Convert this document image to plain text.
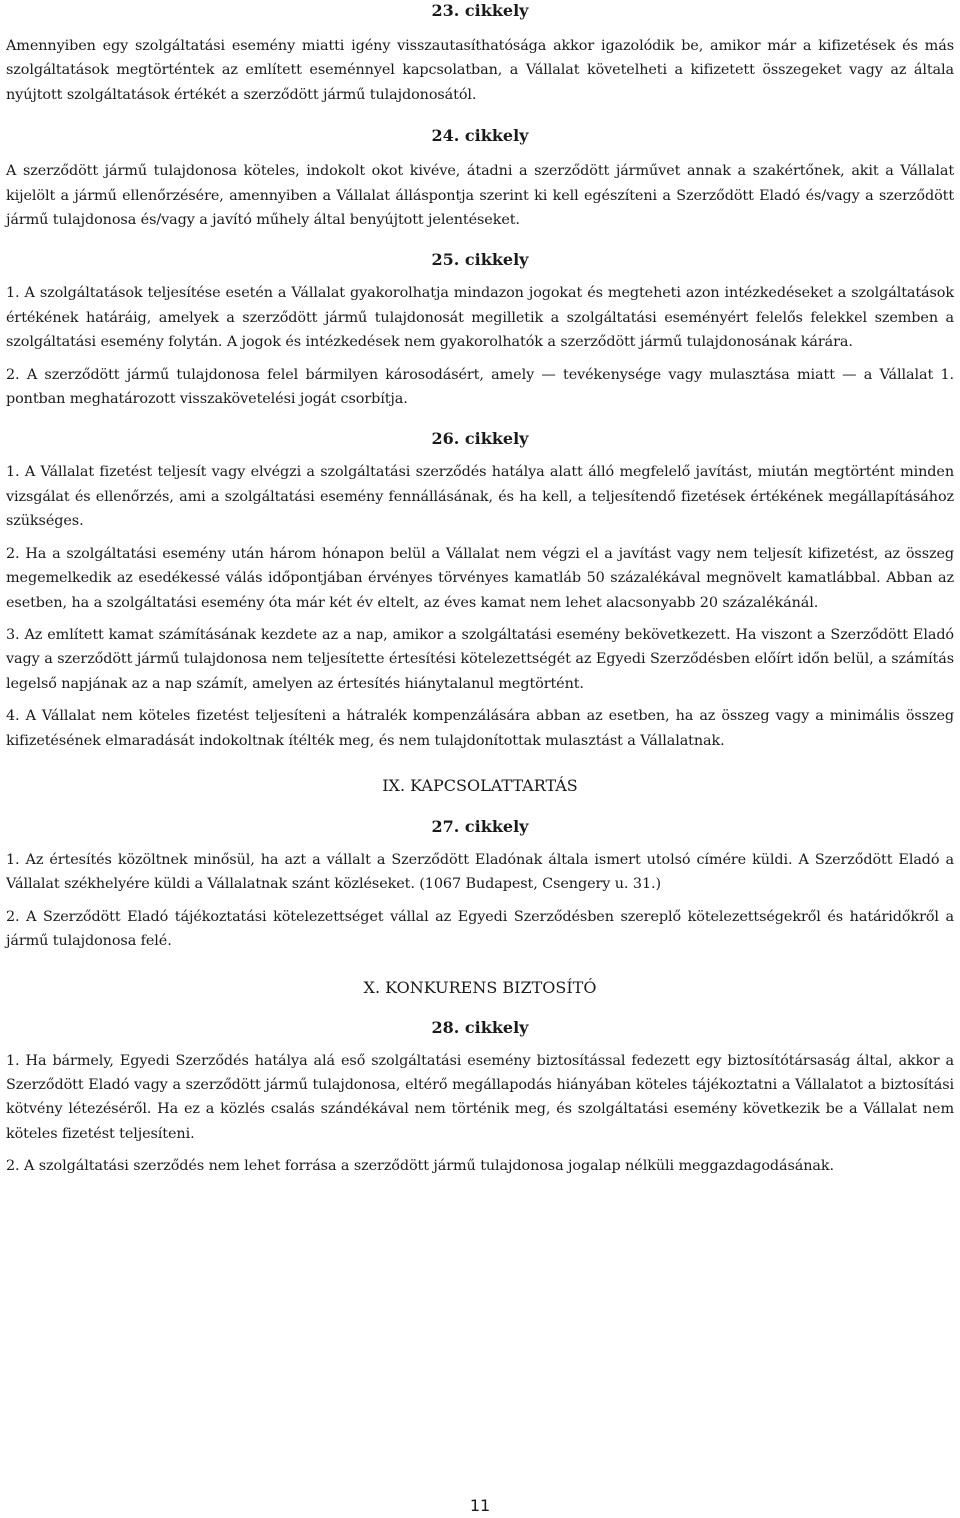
23. cikkely

Amennyiben egy szolgáltatási esemény miatti igény visszautasíthatósága akkor igazolódik be, amikor már a kifizetések és más szolgáltatások megtörténtek az említett eseménnyel kapcsolatban, a Vállalat követelheti a kifizetett összegeket vagy az általa nyújtott szolgáltatások értékét a szerződött jármű tulajdonosától.

24. cikkely

A szerződött jármű tulajdonosa köteles, indokolt okot kivéve, átadni a szerződött járművet annak a szakértőnek, akit a Vállalat kijelölt a jármű ellenőrzésére, amennyiben a Vállalat álláspontja szerint ki kell egészíteni a Szerződött Eladó és/vagy a szerződött jármű tulajdonosa és/vagy a javító műhely által benyújtott jelentéseket.

25. cikkely

1. A szolgáltatások teljesítése esetén a Vállalat gyakorolhatja mindazon jogokat és megteheti azon intézkedéseket a szolgáltatások értékének határáig, amelyek a szerződött jármű tulajdonosát megilletik a szolgáltatási eseményért felelős felekkel szemben a szolgáltatási esemény folytán. A jogok és intézkedések nem gyakorolhatók a szerződött jármű tulajdonosának kárára.

2. A szerződött jármű tulajdonosa felel bármilyen károsodásért, amely — tevékenysége vagy mulasztása miatt — a Vállalat 1. pontban meghatározott visszakövetelési jogát csorbítja.

26. cikkely

1. A Vállalat fizetést teljesít vagy elvégzi a szolgáltatási szerződés hatálya alatt álló megfelelő javítást, miután megtörtént minden vizsgálat és ellenőrzés, ami a szolgáltatási esemény fennállásának, és ha kell, a teljesítendő fizetések értékének megállapításához szükséges.

2. Ha a szolgáltatási esemény után három hónapon belül a Vállalat nem végzi el a javítást vagy nem teljesít kifizetést, az összeg megemelkedik az esedékessé válás időpontjában érvényes törvényes kamatláb 50 százalékával megnövelt kamatlábbal. Abban az esetben, ha a szolgáltatási esemény óta már két év eltelt, az éves kamat nem lehet alacsonyabb 20 százalékánál.

3. Az említett kamat számításának kezdete az a nap, amikor a szolgáltatási esemény bekövetkezett. Ha viszont a Szerződött Eladó vagy a szerződött jármű tulajdonosa nem teljesítette értesítési kötelezettségét az Egyedi Szerződésben előírt időn belül, a számítás legelső napjának az a nap számít, amelyen az értesítés hiánytalanul megtörtént.

4. A Vállalat nem köteles fizetést teljesíteni a hátralék kompenzálására abban az esetben, ha az összeg vagy a minimális összeg kifizetésének elmaradását indokoltnak ítélték meg, és nem tulajdonítottak mulasztást a Vállalatnak.

IX. KAPCSOLATTARTÁS
27. cikkely

1. Az értesítés közöltnek minősül, ha azt a vállalt a Szerződött Eladónak általa ismert utolsó címére küldi. A Szerződött Eladó a Vállalat székhelyére küldi a Vállalatnak szánt közléseket. (1067 Budapest, Csengery u. 31.)

2. A Szerződött Eladó tájékoztatási kötelezettséget vállal az Egyedi Szerződésben szereplő kötelezettségekről és határidőkről a jármű tulajdonosa felé.

X. KONKURENS BIZTOSÍTÓ
28. cikkely

1. Ha bármely, Egyedi Szerződés hatálya alá eső szolgáltatási esemény biztosítással fedezett egy biztosítótársaság által, akkor a Szerződött Eladó vagy a szerződött jármű tulajdonosa, eltérő megállapodás hiányában köteles tájékoztatni a Vállalatot a biztosítási kötvény létezéséről. Ha ez a közlés csalás szándékával nem történik meg, és szolgáltatási esemény következik be a Vállalat nem köteles fizetést teljesíteni.

2. A szolgáltatási szerződés nem lehet forrása a szerződött jármű tulajdonosa jogalap nélküli meggazdagodásának.

11
